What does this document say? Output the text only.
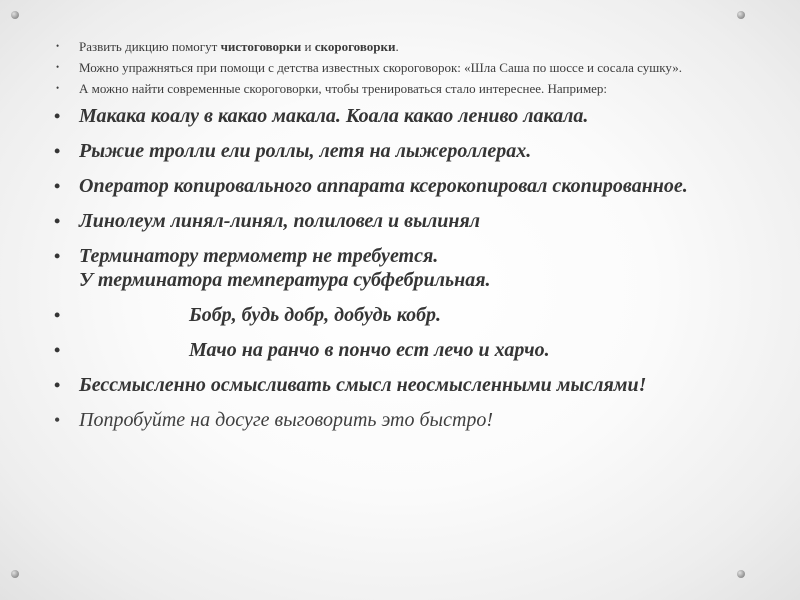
• Развить дикцию помогут чистоговорки и скороговорки.
• Можно упражняться при помощи с детства известных скороговорок: «Шла Саша по шоссе и сосала сушку».
• А можно найти современные скороговорки, чтобы тренироваться стало интереснее. Например:
• Макака коалу в какао макала. Коала какао лениво лакала.
• Рыжие тролли ели роллы, летя на лыжероллерах.
• Оператор копировального аппарата ксерокопировал скопированное.
• Линолеум линял-линял, полиловел и вылинял
• Терминатору термометр не требуется.
У терминатора температура субфебрильная.
•	Бобр, будь добр, добудь кобр.
•	Мачо на ранчо в пончо ест лечо и харчо.
• Бессмысленно осмысливать смысл неосмысленными мыслями!
• Попробуйте на досуге выговорить это быстро!
